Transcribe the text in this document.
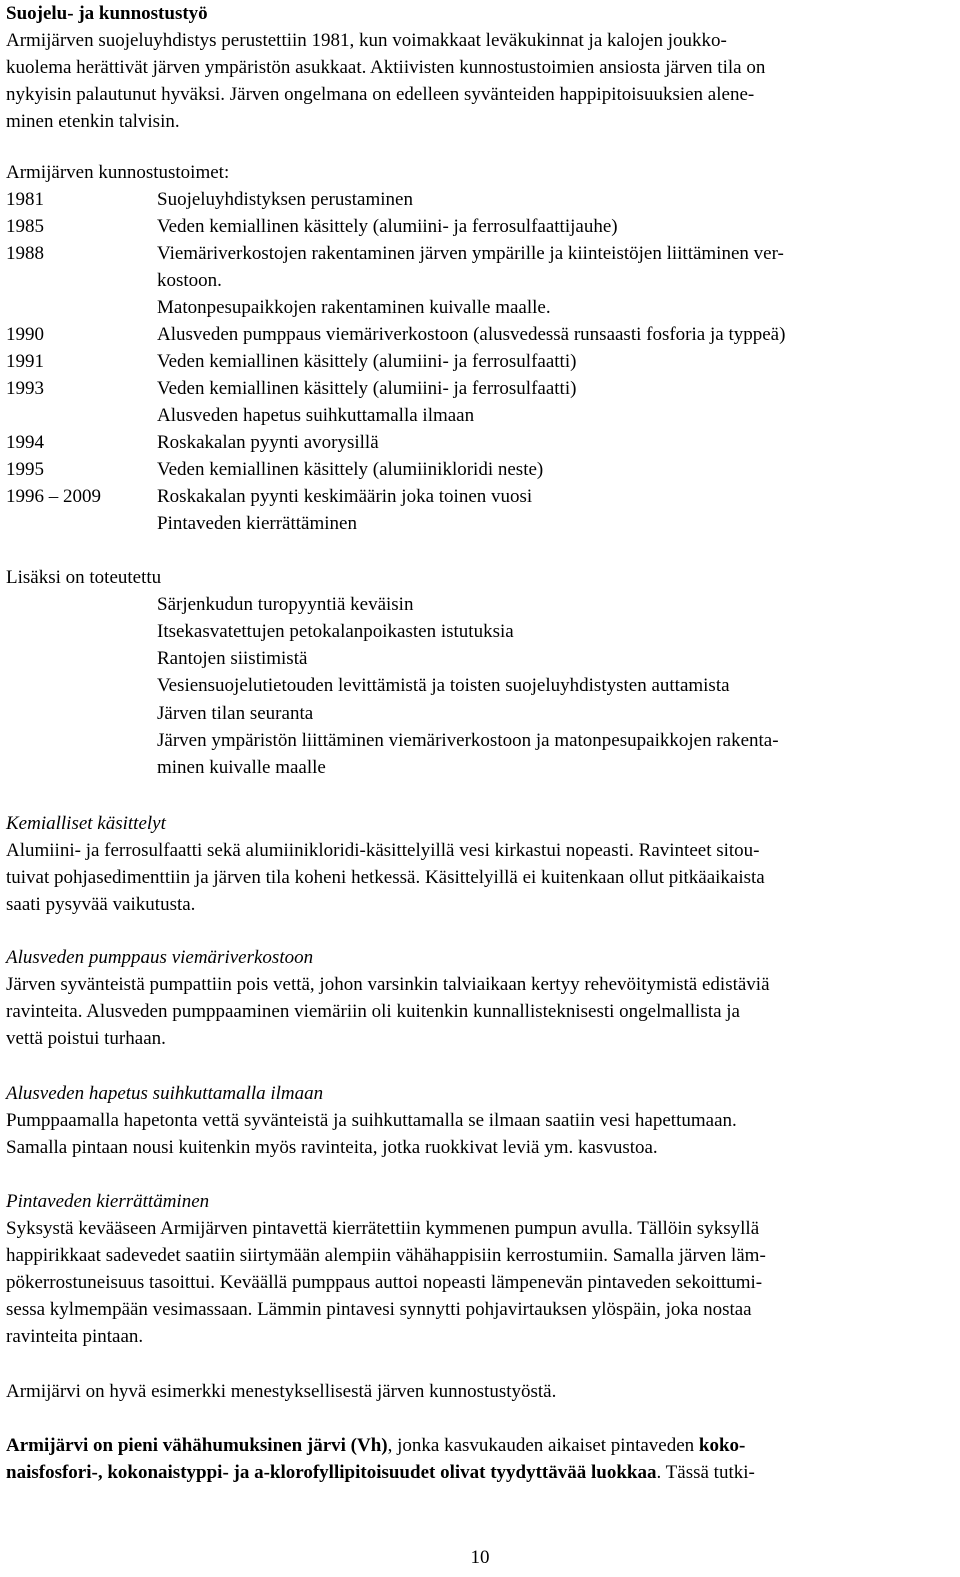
Suojelu- ja kunnostustyö
Armijärven suojeluyhdistys perustettiin 1981, kun voimakkaat leväkukinnat ja kalojen joukko-
kuolema herättivät järven ympäristön asukkaat. Aktiivisten kunnostustoimien ansiosta järven tila on
nykyisin palautunut hyväksi. Järven ongelmana on edelleen syvänteiden happipitoisuuksien alene-
minen etenkin talvisin.
Armijärven kunnostustoimet:
1981	Suojeluyhdistyksen perustaminen
1985	Veden kemiallinen käsittely (alumiini- ja ferrosulfaattijauhe)
1988	Viemäriverkostojen rakentaminen järven ympärille ja kiinteistöjen liittäminen ver-
kostoon.
Matonpesupaikkojen rakentaminen kuivalle maalle.
1990	Alusveden pumppaus viemäriverkostoon (alusvedessä runsaasti fosforia ja typpeä)
1991	Veden kemiallinen käsittely (alumiini- ja ferrosulfaatti)
1993	Veden kemiallinen käsittely (alumiini- ja ferrosulfaatti)
Alusveden hapetus suihkuttamalla ilmaan
1994	Roskakalan pyynti avorysillä
1995	Veden kemiallinen käsittely (alumiinikloridi neste)
1996 – 2009	Roskakalan pyynti keskimäärin joka toinen vuosi
Pintaveden kierrättäminen
Lisäksi on toteutettu
Särjenkudun turopyyntiä keväisin
Itsekasvatettujen petokalanpoikasten istutuksia
Rantojen siistimistä
Vesiensuojelutietouden levittämistä ja toisten suojeluyhdistysten auttamista
Järven tilan seuranta
Järven ympäristön liittäminen viemäriverkostoon ja matonpesupaikkojen rakenta-
minen kuivalle maalle
Kemialliset käsittelyt
Alumiini- ja ferrosulfaatti sekä alumiinikloridi-käsittelyillä vesi kirkastui nopeasti. Ravinteet sitou-
tuivat pohjasedimenttiin ja järven tila koheni hetkessä. Käsittelyillä ei kuitenkaan ollut pitkäaikaista
saati pysyvää vaikutusta.
Alusveden pumppaus viemäriverkostoon
Järven syvänteistä pumpattiin pois vettä, johon varsinkin talviaikaan kertyy rehevöitymistä edistäviä
ravinteita. Alusveden pumppaaminen viemäriin oli kuitenkin kunnallisteknisesti ongelmallista ja
vettä poistui turhaan.
Alusveden hapetus suihkuttamalla ilmaan
Pumppaamalla hapetonta vettä syvänteistä ja suihkuttamalla se ilmaan saatiin vesi hapettumaan.
Samalla pintaan nousi kuitenkin myös ravinteita, jotka ruokkivat leviä ym. kasvustoa.
Pintaveden kierrättäminen
Syksystä kevääseen Armijärven pintavettä kierrätettiin kymmenen pumpun avulla. Tällöin syksyllä
happirikkaat sadevedet saatiin siirtymään alempiin vähähappisiin kerrostumiin. Samalla järven läm-
pökerrostuneisuus tasoittui. Keväällä pumppaus auttoi nopeasti lämpenevän pintaveden sekoittumi-
sessa kylmempään vesimassaan. Lämmin pintavesi synnytti pohjavirtauksen ylöspäin, joka nostaa
ravinteita pintaan.
Armijärvi on hyvä esimerkki menestyksellisestä järven kunnostustyöstä.
Armijärvi on pieni vähähumuksinen järvi (Vh), jonka kasvukauden aikaiset pintaveden koko-
naisfosfori-, kokonaistyppi- ja a-klorofyllipitoisuudet olivat tyydyttävää luokkaa. Tässä tutki-
10
